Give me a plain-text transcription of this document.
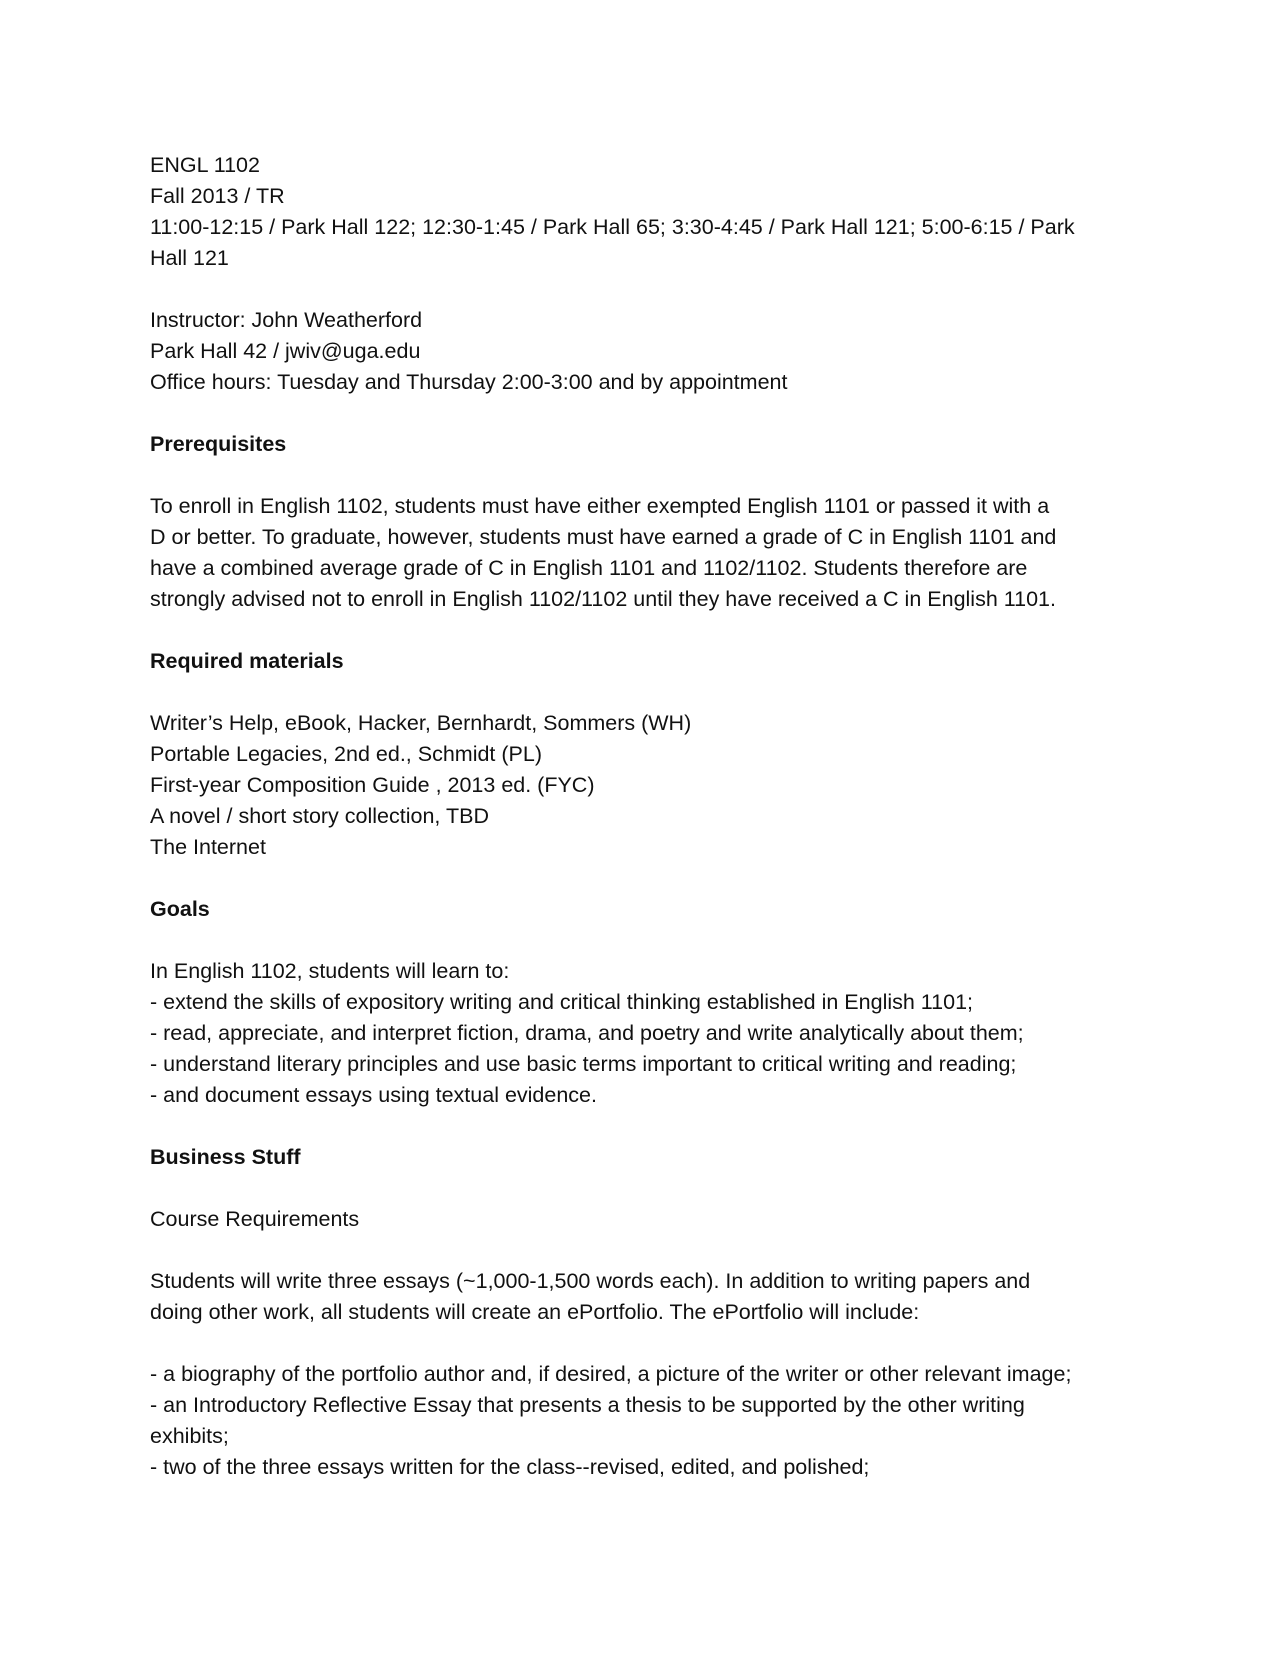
ENGL 1102
Fall 2013 / TR
11:00-12:15 / Park Hall 122; 12:30-1:45 / Park Hall 65; 3:30-4:45 / Park Hall 121; 5:00-6:15 / Park
Hall 121
Instructor: John Weatherford
Park Hall 42 / jwiv@uga.edu
Office hours: Tuesday and Thursday 2:00-3:00 and by appointment
Prerequisites
To enroll in English 1102, students must have either exempted English 1101 or passed it with a
D or better. To graduate, however, students must have earned a grade of C in English 1101 and
have a combined average grade of C in English 1101 and 1102/1102. Students therefore are
strongly advised not to enroll in English 1102/1102 until they have received a C in English 1101.
Required materials
Writer’s Help, eBook, Hacker, Bernhardt, Sommers (WH)
Portable Legacies, 2nd ed., Schmidt (PL)
First-year Composition Guide , 2013 ed. (FYC)
A novel / short story collection, TBD
The Internet
Goals
In English 1102, students will learn to:
- extend the skills of expository writing and critical thinking established in English 1101;
- read, appreciate, and interpret fiction, drama, and poetry and write analytically about them;
- understand literary principles and use basic terms important to critical writing and reading;
- and document essays using textual evidence.
Business Stuff
Course Requirements
Students will write three essays (~1,000-1,500 words each). In addition to writing papers and
doing other work, all students will create an ePortfolio. The ePortfolio will include:
- a biography of the portfolio author and, if desired, a picture of the writer or other relevant image;
- an Introductory Reflective Essay that presents a thesis to be supported by the other writing
exhibits;
- two of the three essays written for the class--revised, edited, and polished;
